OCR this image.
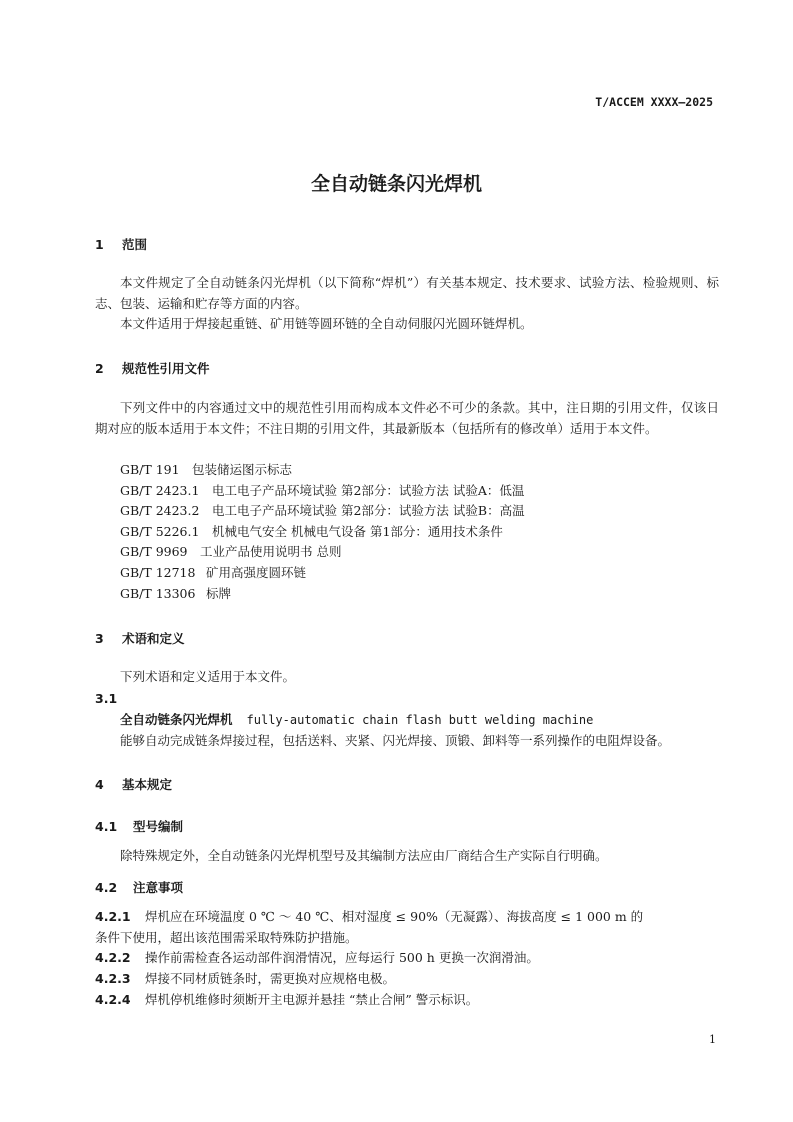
T/ACCEM XXXX—2025
全自动链条闪光焊机
1 范围
本文件规定了全自动链条闪光焊机（以下简称“焊机”）有关基本规定、技术要求、试验方法、检验规则、标志、包装、运输和贮存等方面的内容。
本文件适用于焊接起重链、矿用链等圆环链的全自动伺服闪光圆环链焊机。
2 规范性引用文件
下列文件中的内容通过文中的规范性引用而构成本文件必不可少的条款。其中，注日期的引用文件，仅该日期对应的版本适用于本文件；不注日期的引用文件，其最新版本（包括所有的修改单）适用于本文件。
GB/T 191 包装储运图示标志
GB/T 2423.1 电工电子产品环境试验 第2部分：试验方法 试验A：低温
GB/T 2423.2 电工电子产品环境试验 第2部分：试验方法 试验B：高温
GB/T 5226.1 机械电气安全 机械电气设备 第1部分：通用技术条件
GB/T 9969 工业产品使用说明书 总则
GB/T 12718 矿用高强度圆环链
GB/T 13306 标牌
3 术语和定义
下列术语和定义适用于本文件。
3.1
全自动链条闪光焊机 fully-automatic chain flash butt welding machine
能够自动完成链条焊接过程，包括送料、夹紧、闪光焊接、顶锻、卸料等一系列操作的电阻焊设备。
4 基本规定
4.1 型号编制
除特殊规定外，全自动链条闪光焊机型号及其编制方法应由厂商结合生产实际自行明确。
4.2 注意事项
4.2.1 焊机应在环境温度 0 ℃ ～ 40 ℃、相对湿度 ≤ 90%（无凝露）、海拔高度 ≤ 1 000 m 的
条件下使用，超出该范围需采取特殊防护措施。
4.2.2 操作前需检查各运动部件润滑情况，应每运行 500 h 更换一次润滑油。
4.2.3 焊接不同材质链条时，需更换对应规格电极。
4.2.4 焊机停机维修时须断开主电源并悬挂 “禁止合闸” 警示标识。
1
